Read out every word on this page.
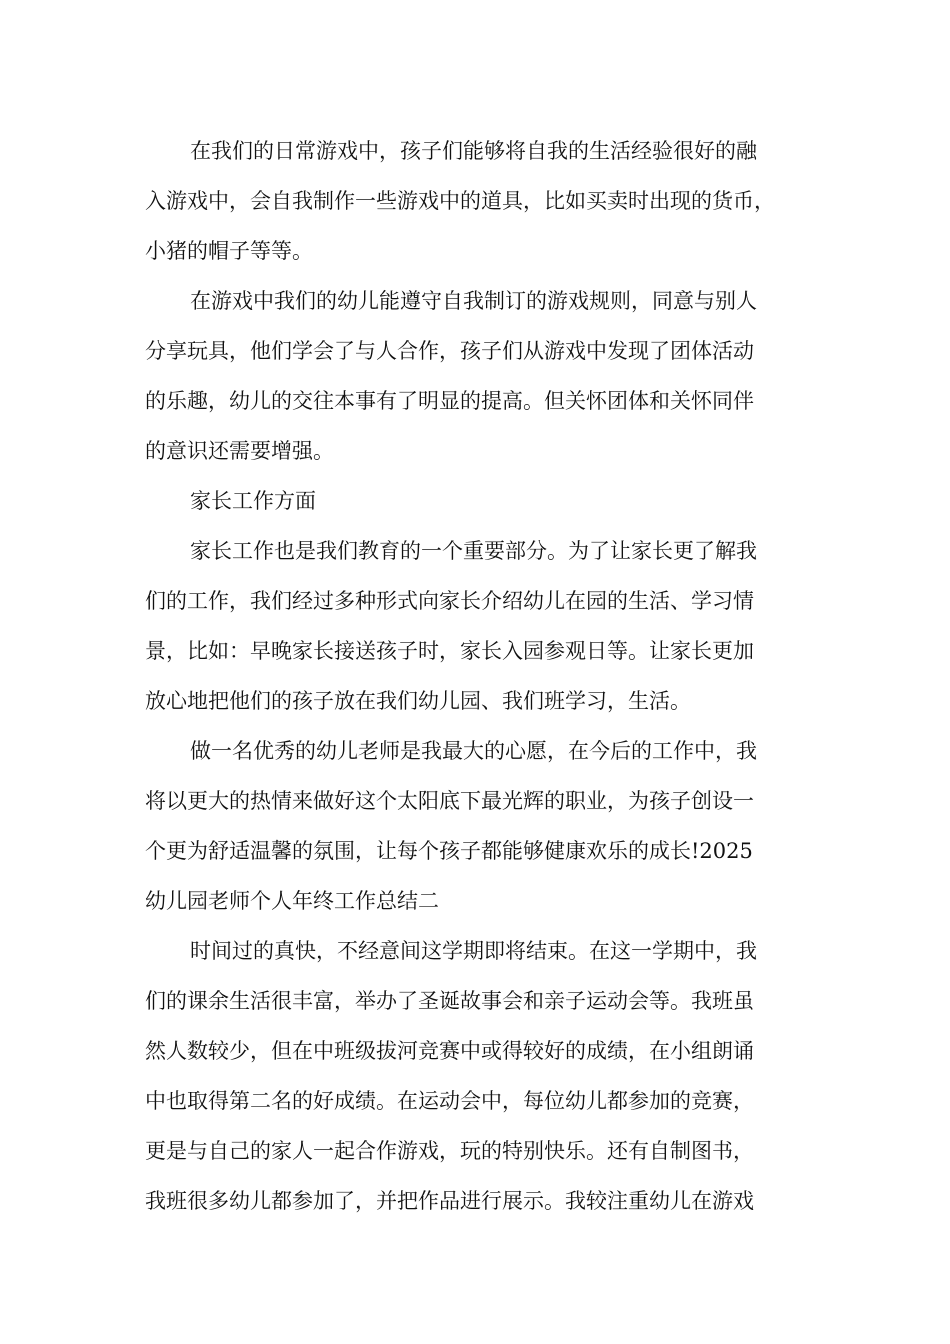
在我们的日常游戏中，孩子们能够将自我的生活经验很好的融
入游戏中，会自我制作一些游戏中的道具，比如买卖时出现的货币，
小猪的帽子等等。
在游戏中我们的幼儿能遵守自我制订的游戏规则，同意与别人
分享玩具，他们学会了与人合作，孩子们从游戏中发现了团体活动
的乐趣，幼儿的交往本事有了明显的提高。但关怀团体和关怀同伴
的意识还需要增强。
家长工作方面
家长工作也是我们教育的一个重要部分。为了让家长更了解我
们的工作，我们经过多种形式向家长介绍幼儿在园的生活、学习情
景，比如：早晚家长接送孩子时，家长入园参观日等。让家长更加
放心地把他们的孩子放在我们幼儿园、我们班学习，生活。
做一名优秀的幼儿老师是我最大的心愿，在今后的工作中，我
将以更大的热情来做好这个太阳底下最光辉的职业，为孩子创设一
个更为舒适温馨的氛围，让每个孩子都能够健康欢乐的成长!2025
幼儿园老师个人年终工作总结二
时间过的真快，不经意间这学期即将结束。在这一学期中，我
们的课余生活很丰富，举办了圣诞故事会和亲子运动会等。我班虽
然人数较少，但在中班级拔河竞赛中或得较好的成绩，在小组朗诵
中也取得第二名的好成绩。在运动会中，每位幼儿都参加的竞赛，
更是与自己的家人一起合作游戏，玩的特别快乐。还有自制图书，
我班很多幼儿都参加了，并把作品进行展示。我较注重幼儿在游戏
